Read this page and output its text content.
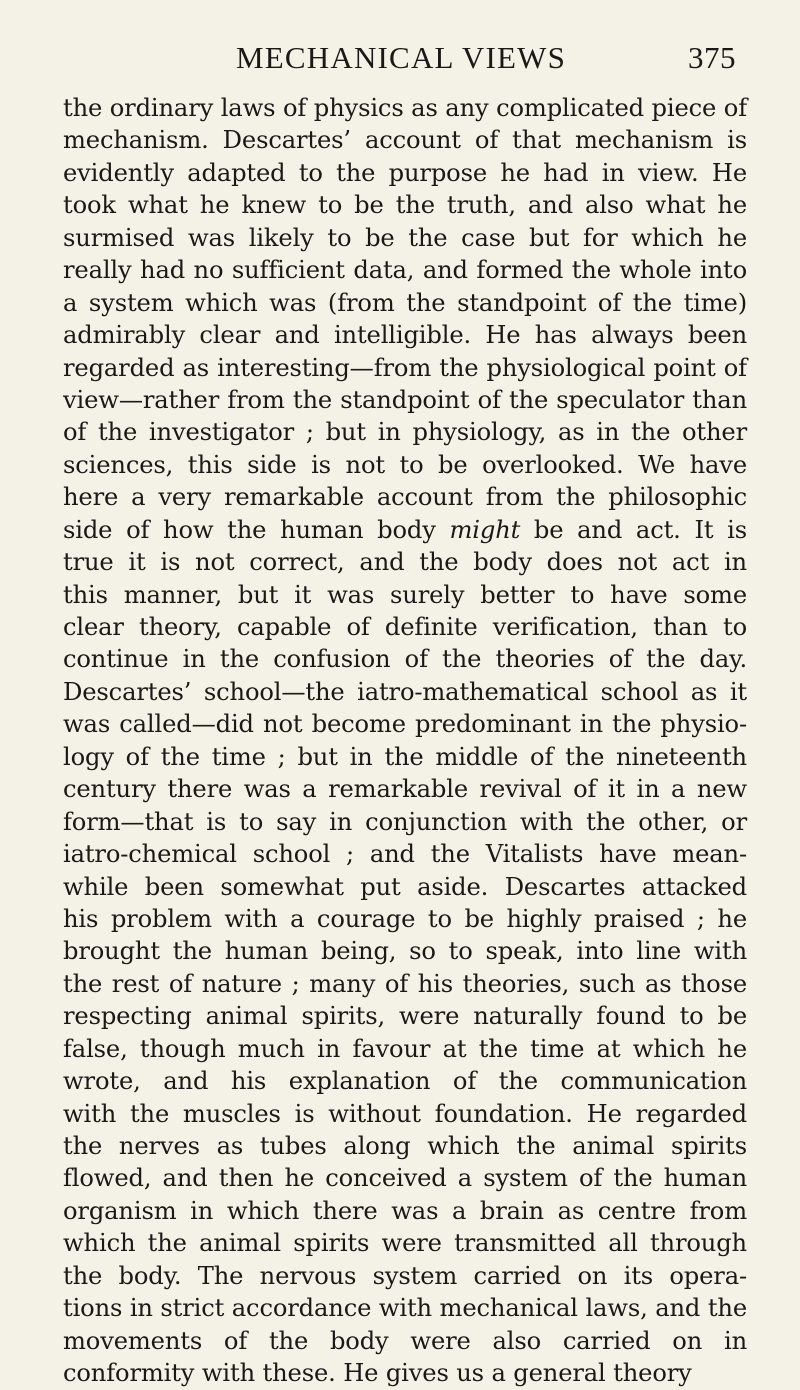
MECHANICAL VIEWS	375
the ordinary laws of physics as any complicated piece of
mechanism. Descartes’ account of that mechanism is
evidently adapted to the purpose he had in view. He
took what he knew to be the truth, and also what he
surmised was likely to be the case but for which he
really had no sufficient data, and formed the whole into
a system which was (from the standpoint of the time)
admirably clear and intelligible. He has always been
regarded as interesting—from the physiological point of
view—rather from the standpoint of the speculator than
of the investigator ; but in physiology, as in the other
sciences, this side is not to be overlooked. We have
here a very remarkable account from the philosophic
side of how the human body might be and act. It is
true it is not correct, and the body does not act in
this manner, but it was surely better to have some
clear theory, capable of definite verification, than to
continue in the confusion of the theories of the day.
Descartes’ school—the iatro-mathematical school as it
was called—did not become predominant in the physio-
logy of the time ; but in the middle of the nineteenth
century there was a remarkable revival of it in a new
form—that is to say in conjunction with the other, or
iatro-chemical school ; and the Vitalists have mean-
while been somewhat put aside. Descartes attacked
his problem with a courage to be highly praised ; he
brought the human being, so to speak, into line with
the rest of nature ; many of his theories, such as those
respecting animal spirits, were naturally found to be
false, though much in favour at the time at which he
wrote, and his explanation of the communication
with the muscles is without foundation. He regarded
the nerves as tubes along which the animal spirits
flowed, and then he conceived a system of the human
organism in which there was a brain as centre from
which the animal spirits were transmitted all through
the body. The nervous system carried on its opera-
tions in strict accordance with mechanical laws, and the
movements of the body were also carried on in
conformity with these. He gives us a general theory
